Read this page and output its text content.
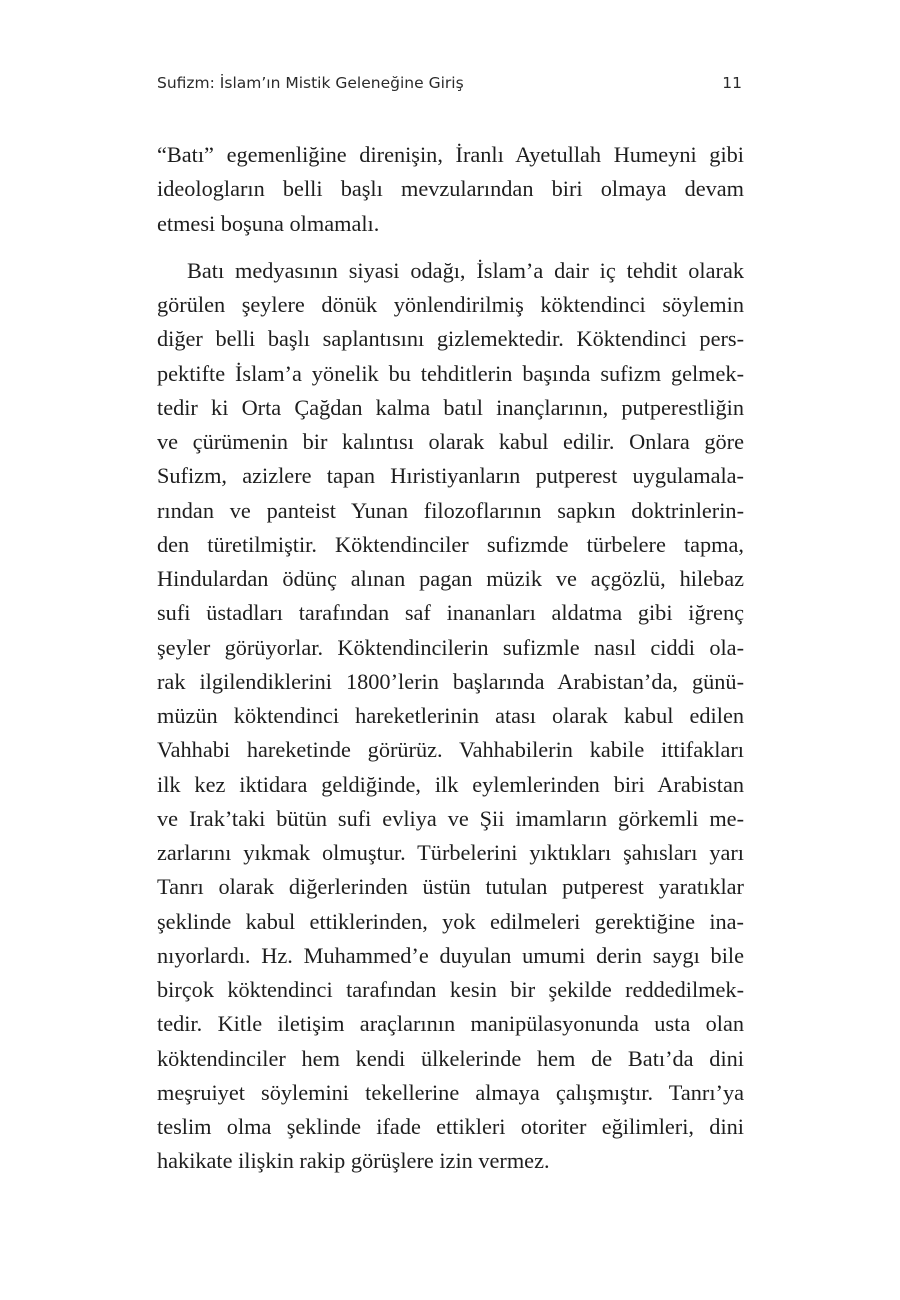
Sufizm: İslam’ın Mistik Geleneğine Giriş	11
“Batı” egemenliğine direnişin, İranlı Ayetullah Humeyni gibi
ideologların belli başlı mevzularından biri olmaya devam
etmesi boşuna olmamalı.
Batı medyasının siyasi odağı, İslam’a dair iç tehdit olarak
görülen şeylere dönük yönlendirilmiş köktendinci söylemin
diğer belli başlı saplantısını gizlemektedir. Köktendinci pers-
pektifte İslam’a yönelik bu tehditlerin başında sufizm gelmek-
tedir ki Orta Çağdan kalma batıl inançlarının, putperestliğin
ve çürümenin bir kalıntısı olarak kabul edilir. Onlara göre
Sufizm, azizlere tapan Hıristiyanların putperest uygulamala-
rından ve panteist Yunan filozoflarının sapkın doktrinlerin-
den türetilmiştir. Köktendinciler sufizmde türbelere tapma,
Hindulardan ödünç alınan pagan müzik ve açgözlü, hilebaz
sufi üstadları tarafından saf inananları aldatma gibi iğrenç
şeyler görüyorlar. Köktendincilerin sufizmle nasıl ciddi ola-
rak ilgilendiklerini 1800’lerin başlarında Arabistan’da, günü-
müzün köktendinci hareketlerinin atası olarak kabul edilen
Vahhabi hareketinde görürüz. Vahhabilerin kabile ittifakları
ilk kez iktidara geldiğinde, ilk eylemlerinden biri Arabistan
ve Irak’taki bütün sufi evliya ve Şii imamların görkemli me-
zarlarını yıkmak olmuştur. Türbelerini yıktıkları şahısları yarı
Tanrı olarak diğerlerinden üstün tutulan putperest yaratıklar
şeklinde kabul ettiklerinden, yok edilmeleri gerektiğine ina-
nıyorlardı. Hz. Muhammed’e duyulan umumi derin saygı bile
birçok köktendinci tarafından kesin bir şekilde reddedilmek-
tedir. Kitle iletişim araçlarının manipülasyonunda usta olan
köktendinciler hem kendi ülkelerinde hem de Batı’da dini
meşruiyet söylemini tekellerine almaya çalışmıştır. Tanrı’ya
teslim olma şeklinde ifade ettikleri otoriter eğilimleri, dini
hakikate ilişkin rakip görüşlere izin vermez.
